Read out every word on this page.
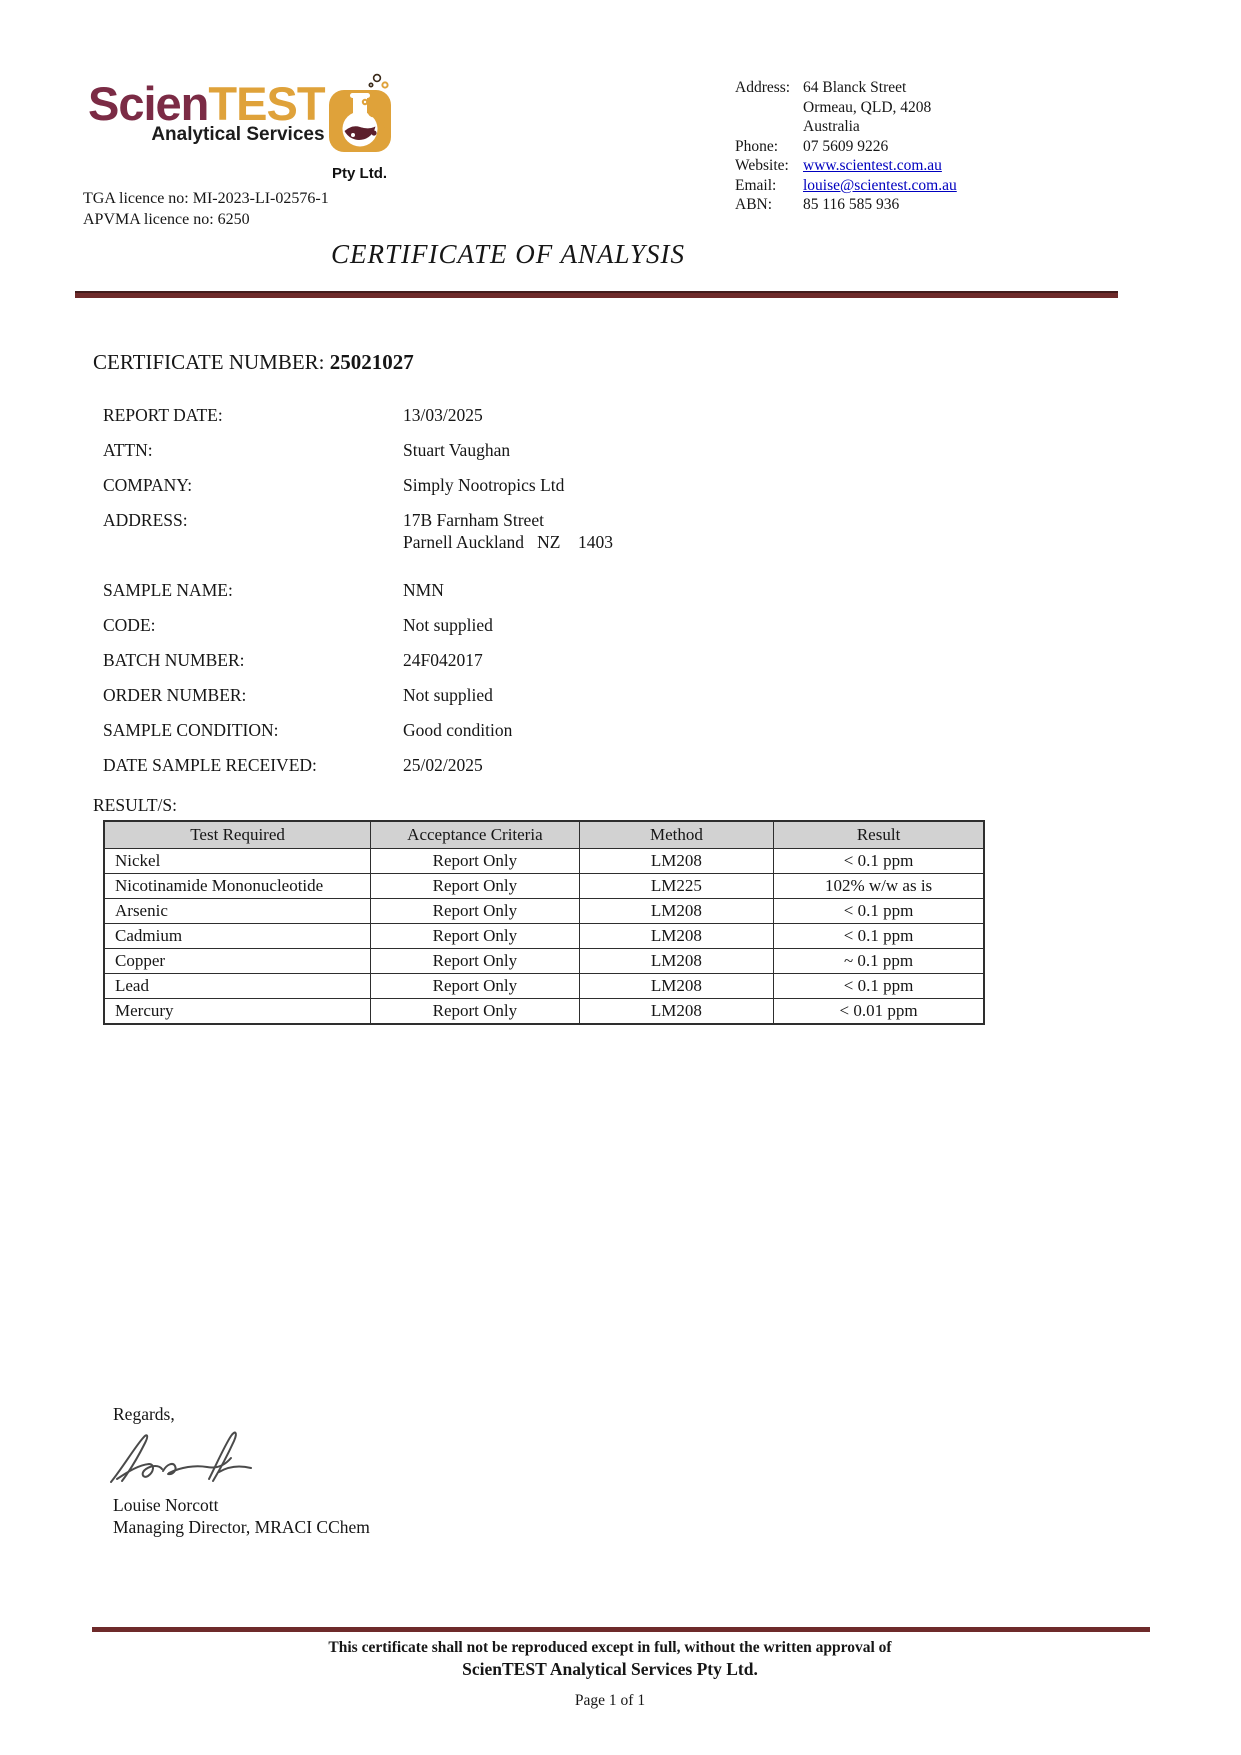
ScienTEST
Analytical Services
Pty Ltd.
TGA licence no: MI-2023-LI-02576-1
APVMA licence no: 6250
Address: 64 Blanck Street
Ormeau, QLD, 4208
Australia
Phone:	07 5609 9226
Website: www.scientest.com.au
Email:	louise@scientest.com.au
ABN:	85 116 585 936
CERTIFICATE OF ANALYSIS
CERTIFICATE NUMBER: 25021027
REPORT DATE:	13/03/2025
ATTN:	Stuart Vaughan
COMPANY:	Simply Nootropics Ltd
ADDRESS:	17B Farnham Street
Parnell Auckland   NZ    1403
SAMPLE NAME:	NMN
CODE:	Not supplied
BATCH NUMBER:	24F042017
ORDER NUMBER:	Not supplied
SAMPLE CONDITION:	Good condition
DATE SAMPLE RECEIVED:	25/02/2025
RESULT/S:
Test Required	Acceptance Criteria	Method	Result
Nickel	Report Only	LM208	< 0.1 ppm
Nicotinamide Mononucleotide	Report Only	LM225	102% w/w as is
Arsenic	Report Only	LM208	< 0.1 ppm
Cadmium	Report Only	LM208	< 0.1 ppm
Copper	Report Only	LM208	~ 0.1 ppm
Lead	Report Only	LM208	< 0.1 ppm
Mercury	Report Only	LM208	< 0.01 ppm
Regards,
Louise Norcott
Managing Director, MRACI CChem
This certificate shall not be reproduced except in full, without the written approval of
ScienTEST Analytical Services Pty Ltd.
Page 1 of 1
